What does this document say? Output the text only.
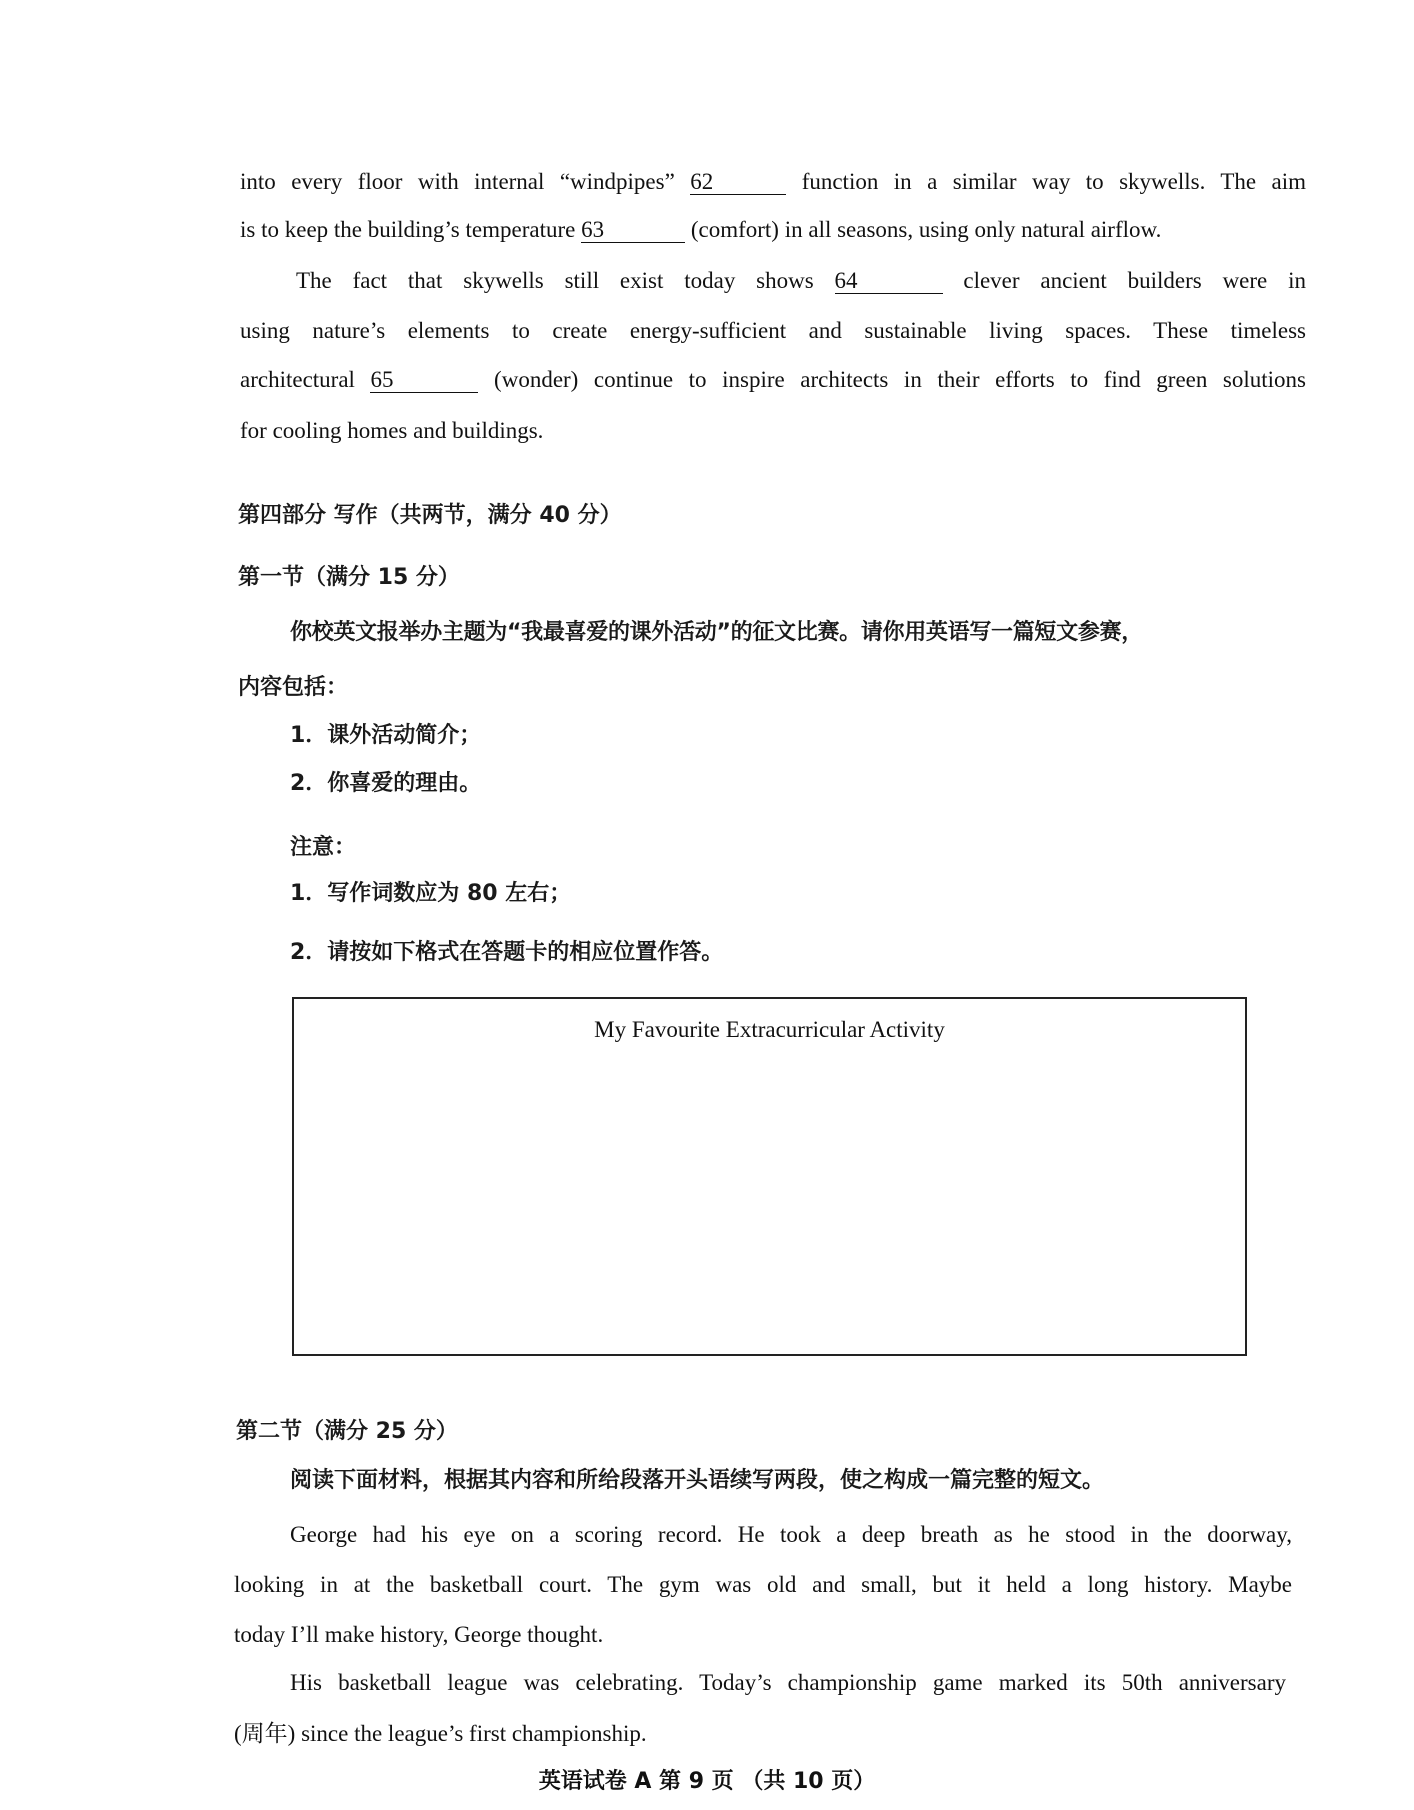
into every floor with internal “windpipes” 62	function in a similar way to skywells. The aim
is to keep the building’s temperature 63	(comfort) in all seasons, using only natural airflow.
The fact that skywells still exist today shows 64	clever ancient builders were in
using nature’s elements to create energy-sufficient and sustainable living spaces. These timeless
architectural 65	(wonder) continue to inspire architects in their efforts to find green solutions
for cooling homes and buildings.
第四部分 写作（共两节，满分 40 分）
第一节（满分 15 分）
你校英文报举办主题为“我最喜爱的课外活动”的征文比赛。请你用英语写一篇短文参赛，
内容包括：
1．课外活动简介；
2．你喜爱的理由。
注意：
1．写作词数应为 80 左右；
2．请按如下格式在答题卡的相应位置作答。
My Favourite Extracurricular Activity
第二节（满分 25 分）
阅读下面材料，根据其内容和所给段落开头语续写两段，使之构成一篇完整的短文。
George had his eye on a scoring record. He took a deep breath as he stood in the doorway,
looking in at the basketball court. The gym was old and small, but it held a long history. Maybe
today I’ll make history, George thought.
His basketball league was celebrating. Today’s championship game marked its 50th anniversary
(周年) since the league’s first championship.
英语试卷 A 第 9 页 （共 10 页）
